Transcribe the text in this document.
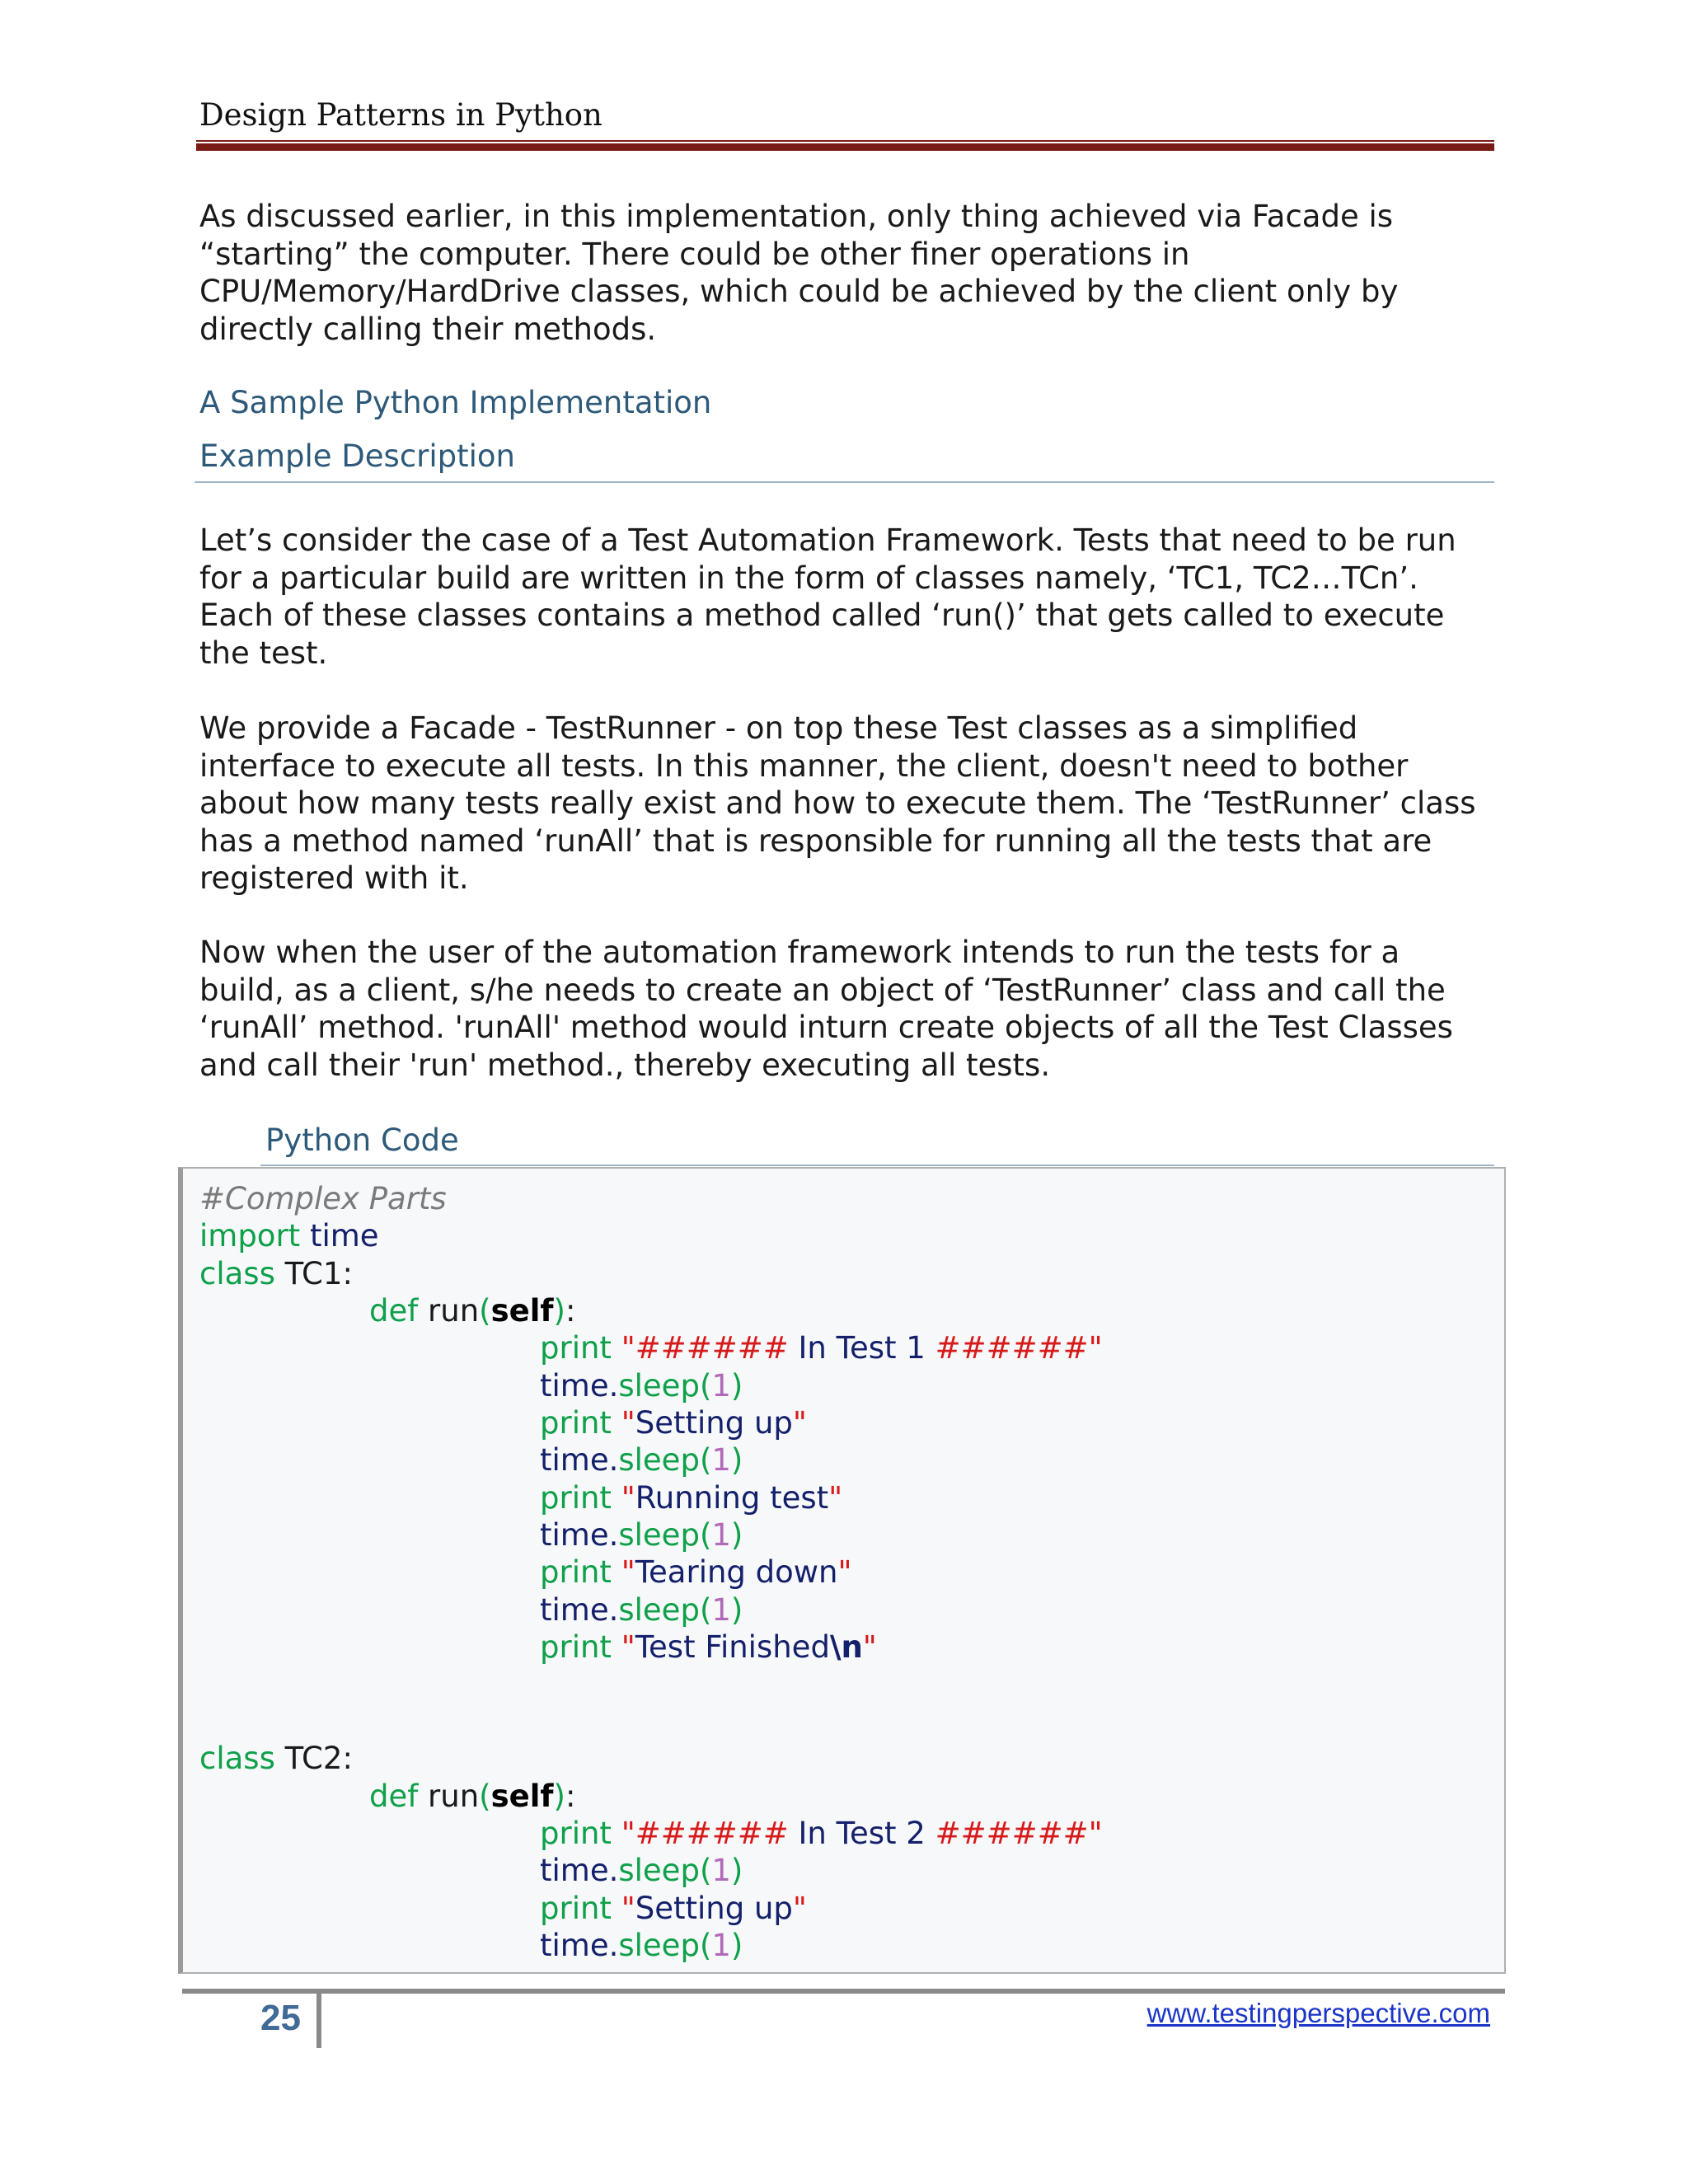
Design Patterns in Python
As discussed earlier, in this implementation, only thing achieved via Facade is
“starting” the computer. There could be other finer operations in
CPU/Memory/HardDrive classes, which could be achieved by the client only by
directly calling their methods.
A Sample Python Implementation
Example Description
Let’s consider the case of a Test Automation Framework. Tests that need to be run
for a particular build are written in the form of classes namely, ‘TC1, TC2…TCn’.
Each of these classes contains a method called ‘run()’ that gets called to execute
the test.
We provide a Facade - TestRunner - on top these Test classes as a simplified
interface to execute all tests. In this manner, the client, doesn't need to bother
about how many tests really exist and how to execute them. The ‘TestRunner’ class
has a method named ‘runAll’ that is responsible for running all the tests that are
registered with it.
Now when the user of the automation framework intends to run the tests for a
build, as a client, s/he needs to create an object of ‘TestRunner’ class and call the
‘runAll’ method. 'runAll' method would inturn create objects of all the Test Classes
and call their 'run' method., thereby executing all tests.
Python Code
#Complex Parts
import time
class TC1:
def run(self):
print "###### In Test 1 ######"
time.sleep(1)
print "Setting up"
time.sleep(1)
print "Running test"
time.sleep(1)
print "Tearing down"
time.sleep(1)
print "Test Finished\n"
class TC2:
def run(self):
print "###### In Test 2 ######"
time.sleep(1)
print "Setting up"
time.sleep(1)
25	www.testingperspective.com
